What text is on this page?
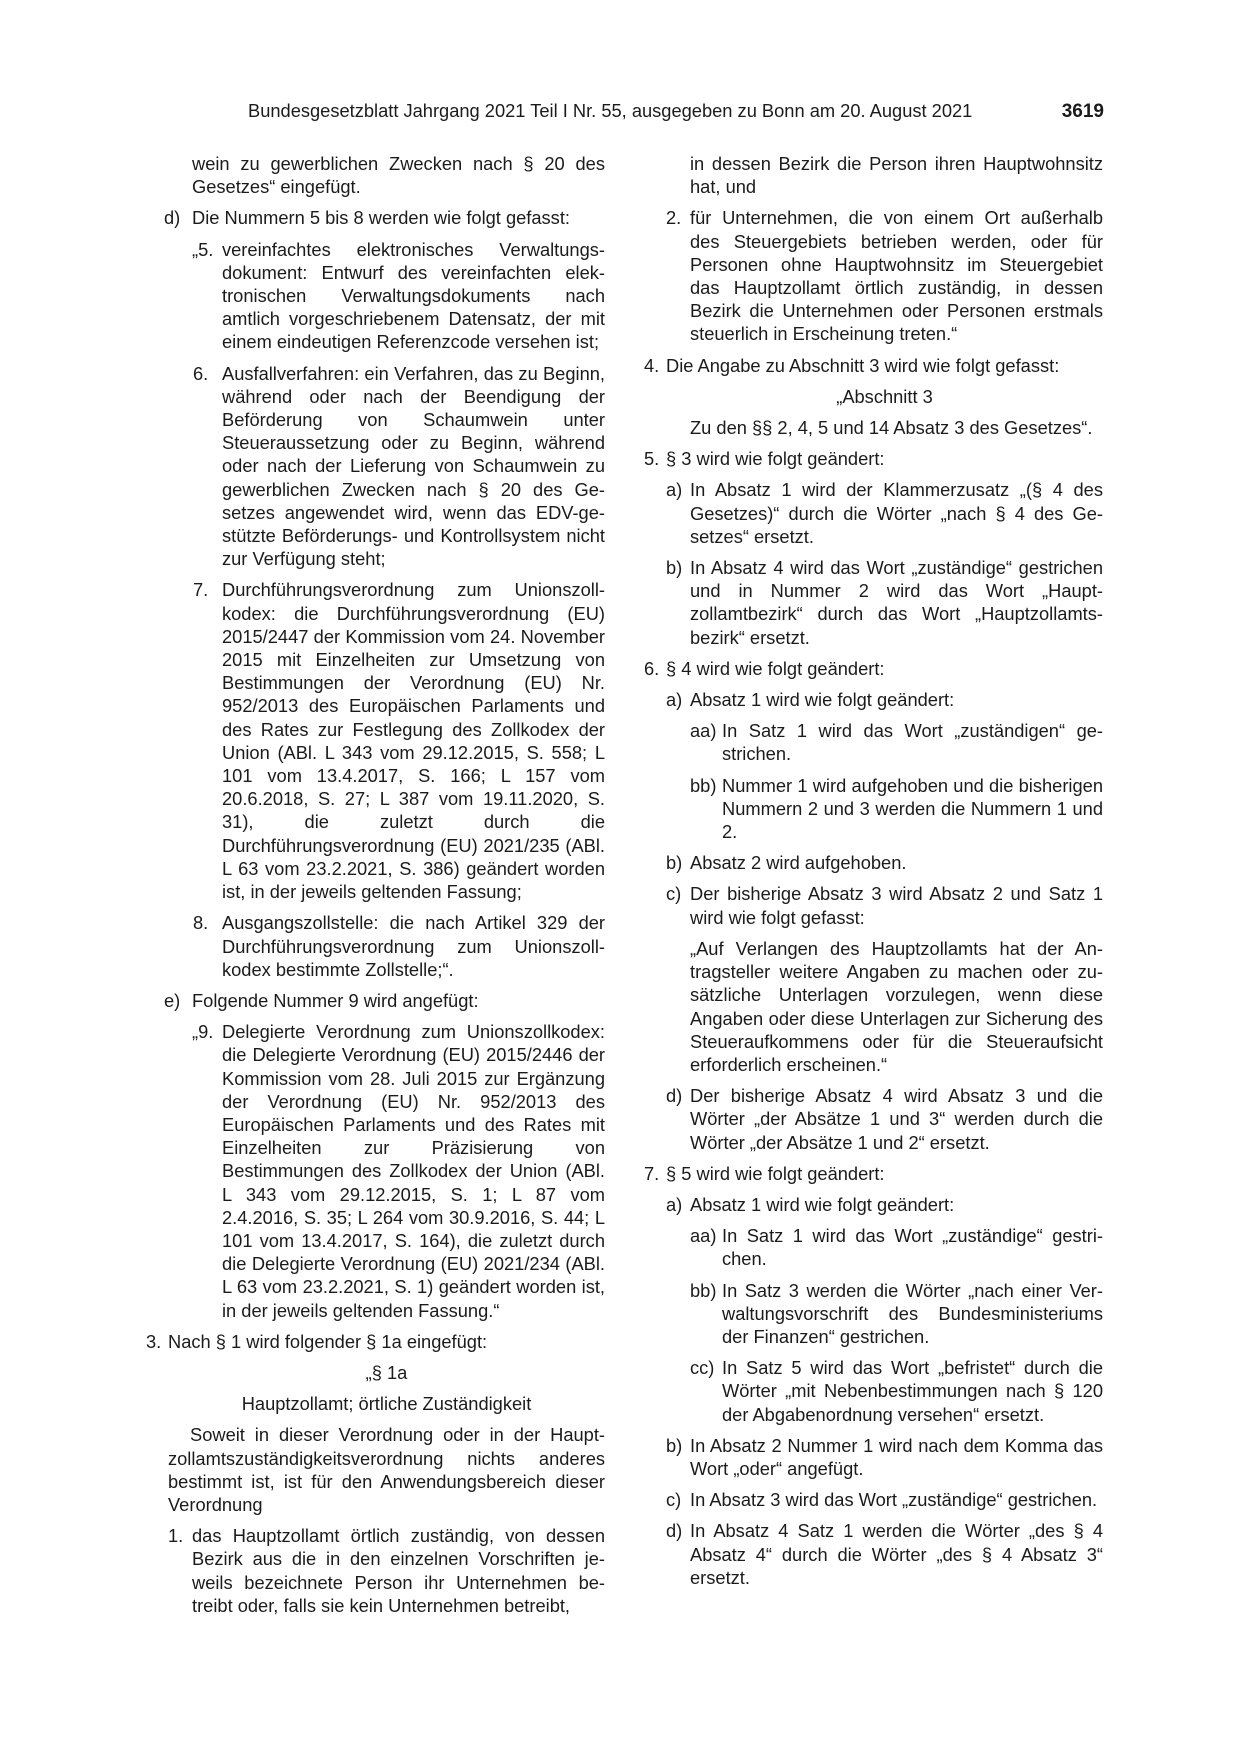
Bundesgesetzblatt Jahrgang 2021 Teil I Nr. 55, ausgegeben zu Bonn am 20. August 2021	3619

wein zu gewerblichen Zwecken nach § 20 des Gesetzes“ eingefügt.

d) Die Nummern 5 bis 8 werden wie folgt gefasst:
„5. vereinfachtes elektronisches Verwaltungsdokument: Entwurf des vereinfachten elektronischen Verwaltungsdokuments nach amtlich vorgeschriebenem Datensatz, der mit einem eindeutigen Referenzcode versehen ist;
6. Ausfallverfahren: ein Verfahren, das zu Beginn, während oder nach der Beendigung der Beförderung von Schaumwein unter Steueraussetzung oder zu Beginn, während oder nach der Lieferung von Schaumwein zu gewerblichen Zwecken nach § 20 des Gesetzes angewendet wird, wenn das EDV-gestützte Beförderungs- und Kontrollsystem nicht zur Verfügung steht;
7. Durchführungsverordnung zum Unionszollkodex: die Durchführungsverordnung (EU) 2015/2447 der Kommission vom 24. November 2015 mit Einzelheiten zur Umsetzung von Bestimmungen der Verordnung (EU) Nr. 952/2013 des Europäischen Parlaments und des Rates zur Festlegung des Zollkodex der Union (ABl. L 343 vom 29.12.2015, S. 558; L 101 vom 13.4.2017, S. 166; L 157 vom 20.6.2018, S. 27; L 387 vom 19.11.2020, S. 31), die zuletzt durch die Durchführungsverordnung (EU) 2021/235 (ABl. L 63 vom 23.2.2021, S. 386) geändert worden ist, in der jeweils geltenden Fassung;
8. Ausgangszollstelle: die nach Artikel 329 der Durchführungsverordnung zum Unionszollkodex bestimmte Zollstelle;“.
e) Folgende Nummer 9 wird angefügt:
„9. Delegierte Verordnung zum Unionszollkodex: die Delegierte Verordnung (EU) 2015/2446 der Kommission vom 28. Juli 2015 zur Ergänzung der Verordnung (EU) Nr. 952/2013 des Europäischen Parlaments und des Rates mit Einzelheiten zur Präzisierung von Bestimmungen des Zollkodex der Union (ABl. L 343 vom 29.12.2015, S. 1; L 87 vom 2.4.2016, S. 35; L 264 vom 30.9.2016, S. 44; L 101 vom 13.4.2017, S. 164), die zuletzt durch die Delegierte Verordnung (EU) 2021/234 (ABl. L 63 vom 23.2.2021, S. 1) geändert worden ist, in der jeweils geltenden Fassung.“
3. Nach § 1 wird folgender § 1a eingefügt:

„§ 1a

Hauptzollamt; örtliche Zuständigkeit

Soweit in dieser Verordnung oder in der Hauptzollamtszuständigkeitsverordnung nichts anderes bestimmt ist, ist für den Anwendungsbereich dieser Verordnung

1. das Hauptzollamt örtlich zuständig, von dessen Bezirk aus die in den einzelnen Vorschriften jeweils bezeichnete Person ihr Unternehmen betreibt oder, falls sie kein Unternehmen betreibt,

in dessen Bezirk die Person ihren Hauptwohnsitz hat, und

2. für Unternehmen, die von einem Ort außerhalb des Steuergebiets betrieben werden, oder für Personen ohne Hauptwohnsitz im Steuergebiet das Hauptzollamt örtlich zuständig, in dessen Bezirk die Unternehmen oder Personen erstmals steuerlich in Erscheinung treten.“
4. Die Angabe zu Abschnitt 3 wird wie folgt gefasst:

„Abschnitt 3

Zu den §§ 2, 4, 5 und 14 Absatz 3 des Gesetzes“.

5. § 3 wird wie folgt geändert:
a) In Absatz 1 wird der Klammerzusatz „(§ 4 des Gesetzes)“ durch die Wörter „nach § 4 des Gesetzes“ ersetzt.
b) In Absatz 4 wird das Wort „zuständige“ gestrichen und in Nummer 2 wird das Wort „Hauptzollamtbezirk“ durch das Wort „Hauptzollamtsbezirk“ ersetzt.
6. § 4 wird wie folgt geändert:
a) Absatz 1 wird wie folgt geändert:
aa) In Satz 1 wird das Wort „zuständigen“ gestrichen.
bb) Nummer 1 wird aufgehoben und die bisherigen Nummern 2 und 3 werden die Nummern 1 und 2.
b) Absatz 2 wird aufgehoben.
c) Der bisherige Absatz 3 wird Absatz 2 und Satz 1 wird wie folgt gefasst:

„Auf Verlangen des Hauptzollamts hat der Antragsteller weitere Angaben zu machen oder zusätzliche Unterlagen vorzulegen, wenn diese Angaben oder diese Unterlagen zur Sicherung des Steueraufkommens oder für die Steueraufsicht erforderlich erscheinen.“

d) Der bisherige Absatz 4 wird Absatz 3 und die Wörter „der Absätze 1 und 3“ werden durch die Wörter „der Absätze 1 und 2“ ersetzt.
7. § 5 wird wie folgt geändert:
a) Absatz 1 wird wie folgt geändert:
aa) In Satz 1 wird das Wort „zuständige“ gestrichen.
bb) In Satz 3 werden die Wörter „nach einer Verwaltungsvorschrift des Bundesministeriums der Finanzen“ gestrichen.
cc) In Satz 5 wird das Wort „befristet“ durch die Wörter „mit Nebenbestimmungen nach § 120 der Abgabenordnung versehen“ ersetzt.
b) In Absatz 2 Nummer 1 wird nach dem Komma das Wort „oder“ angefügt.
c) In Absatz 3 wird das Wort „zuständige“ gestrichen.
d) In Absatz 4 Satz 1 werden die Wörter „des § 4 Absatz 4“ durch die Wörter „des § 4 Absatz 3“ ersetzt.
